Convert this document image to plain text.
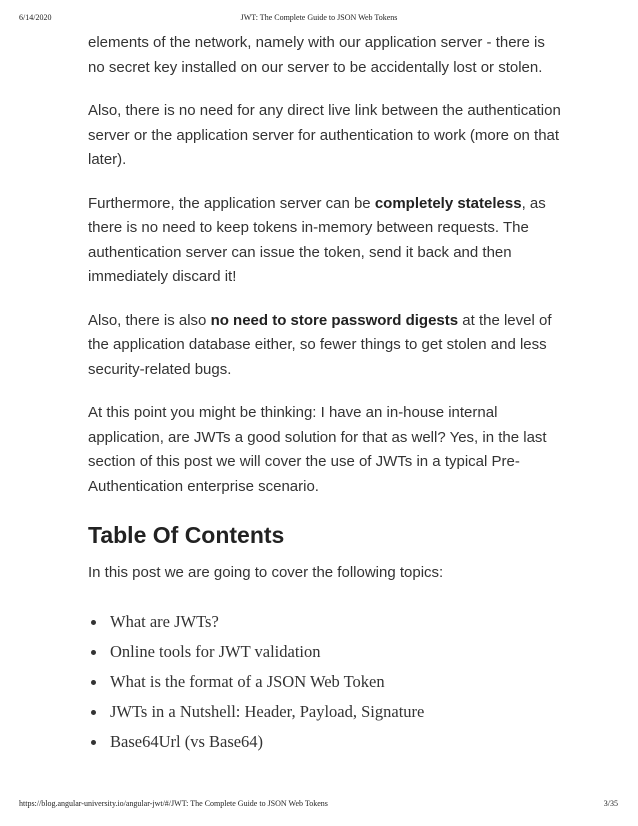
6/14/2020	JWT: The Complete Guide to JSON Web Tokens

elements of the network, namely with our application server - there is no secret key installed on our server to be accidentally lost or stolen.

Also, there is no need for any direct live link between the authentication server or the application server for authentication to work (more on that later).

Furthermore, the application server can be completely stateless, as there is no need to keep tokens in-memory between requests. The authentication server can issue the token, send it back and then immediately discard it!

Also, there is also no need to store password digests at the level of the application database either, so fewer things to get stolen and less security-related bugs.

At this point you might be thinking: I have an in-house internal application, are JWTs a good solution for that as well? Yes, in the last section of this post we will cover the use of JWTs in a typical Pre-Authentication enterprise scenario.

Table Of Contents

In this post we are going to cover the following topics:

What are JWTs?
Online tools for JWT validation
What is the format of a JSON Web Token
JWTs in a Nutshell: Header, Payload, Signature
Base64Url (vs Base64)
https://blog.angular-university.io/angular-jwt/#/JWT: The Complete Guide to JSON Web Tokens	3/35
